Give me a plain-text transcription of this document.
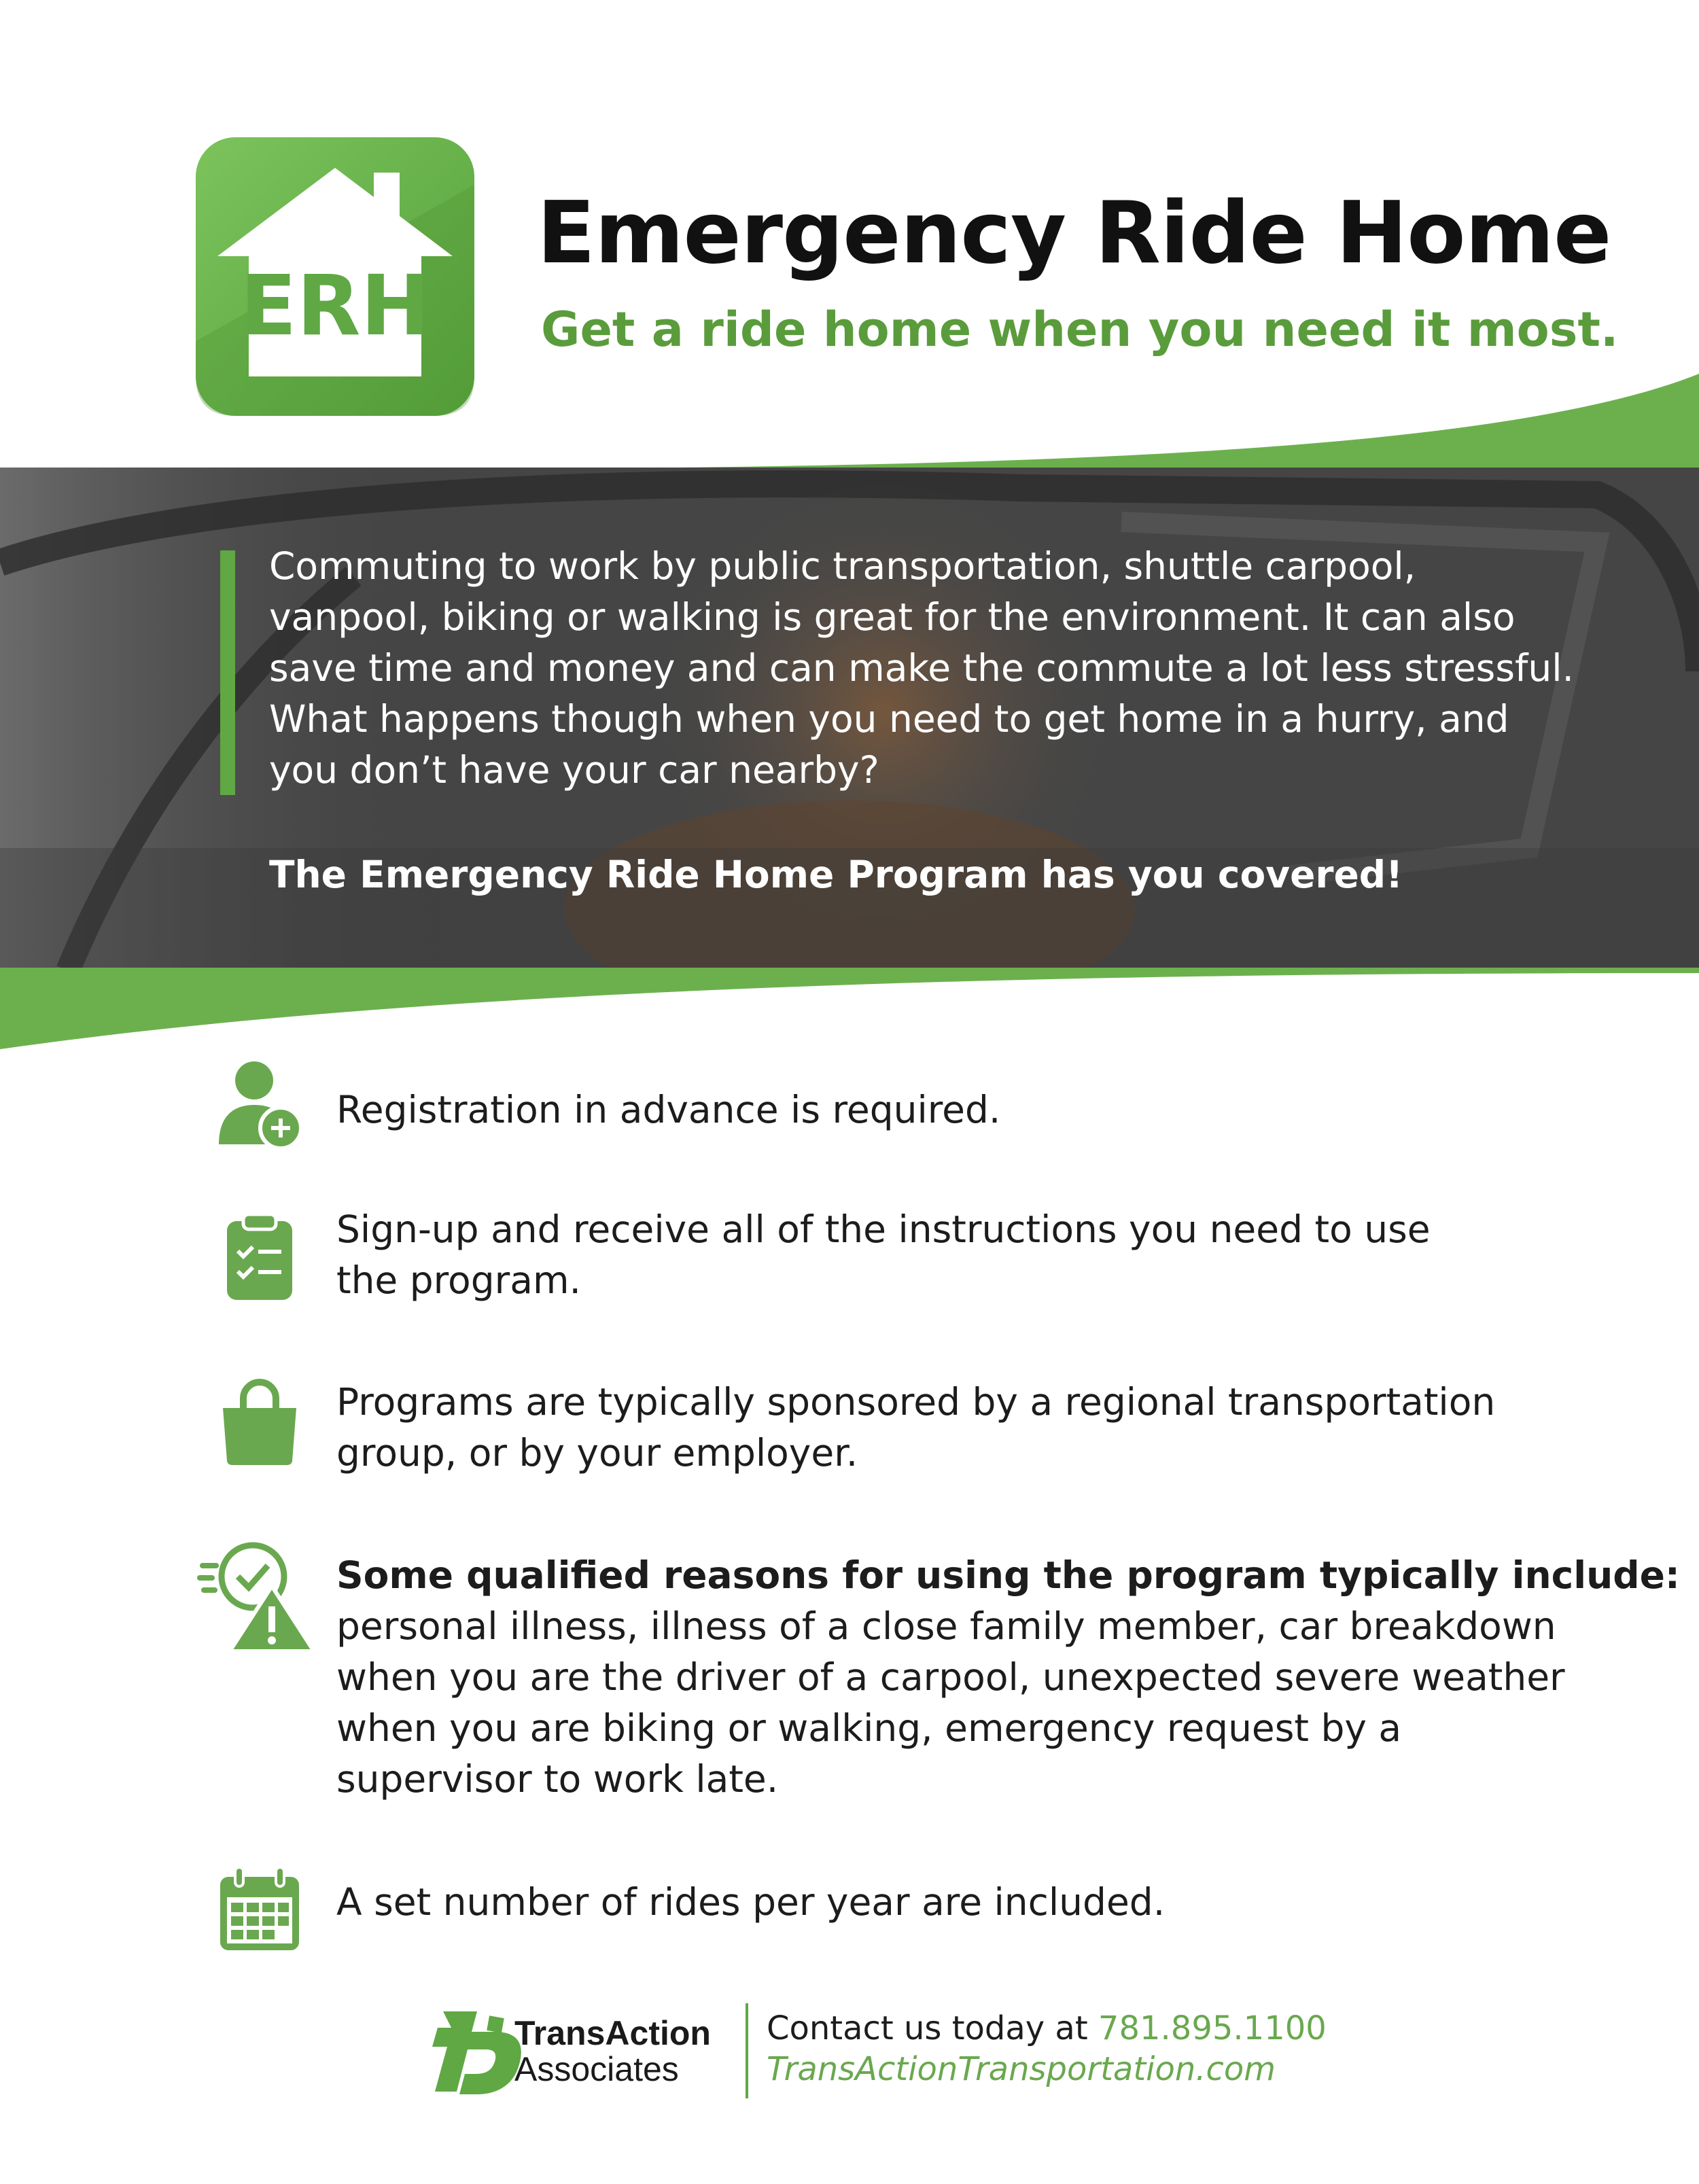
ERH
Emergency Ride Home

Get a ride home when you need it most.

Commuting to work by public transportation, shuttle carpool,
vanpool, biking or walking is great for the environment. It can also
save time and money and can make the commute a lot less stressful.
What happens though when you need to get home in a hurry, and
you don’t have your car nearby?

The Emergency Ride Home Program has you covered!

Registration in advance is required.

Sign-up and receive all of the instructions you need to use
the program.

Programs are typically sponsored by a regional transportation
group, or by your employer.

Some qualified reasons for using the program typically include:
personal illness, illness of a close family member, car breakdown
when you are the driver of a carpool, unexpected severe weather
when you are biking or walking, emergency request by a
supervisor to work late.

A set number of rides per year are included.

TransAction

Associates

Contact us today at 781.895.1100

TransActionTransportation.com
